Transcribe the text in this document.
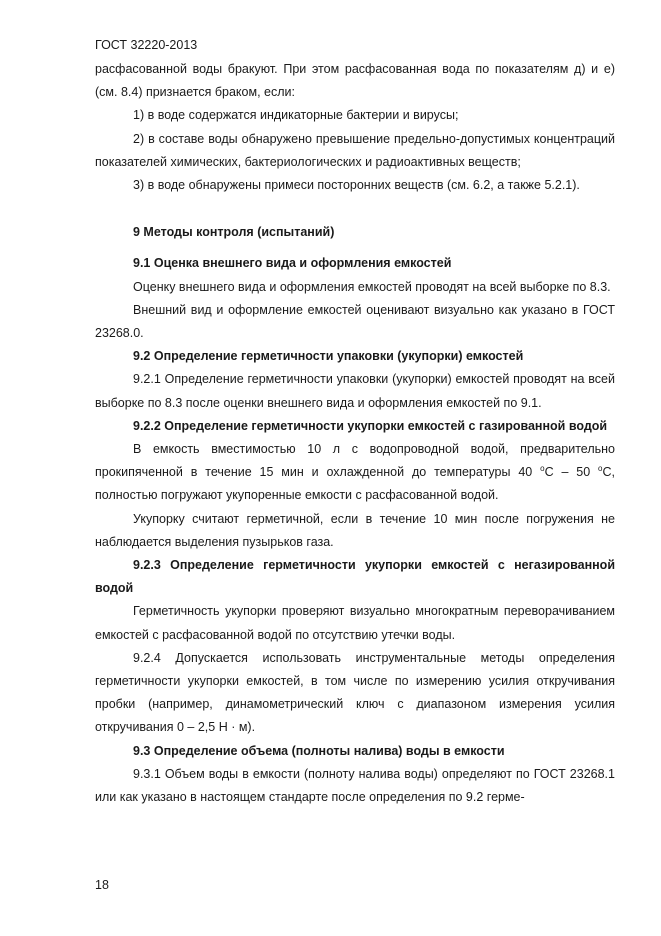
ГОСТ 32220-2013

расфасованной воды бракуют. При этом расфасованная вода по показателям д) и е) (см. 8.4) признается браком, если:

1) в воде содержатся индикаторные бактерии и вирусы;

2) в составе воды обнаружено превышение предельно-допустимых концентраций показателей химических, бактериологических и радиоактивных веществ;

3) в воде обнаружены примеси посторонних веществ (см. 6.2, а также 5.2.1).

9 Методы контроля (испытаний)

9.1 Оценка внешнего вида и оформления емкостей

Оценку внешнего вида и оформления емкостей проводят на всей выборке по 8.3.

Внешний вид и оформление емкостей оценивают визуально как указано в ГОСТ 23268.0.

9.2 Определение герметичности упаковки (укупорки) емкостей

9.2.1 Определение герметичности упаковки (укупорки) емкостей проводят на всей выборке по 8.3 после оценки внешнего вида и оформления емкостей по 9.1.

9.2.2 Определение герметичности укупорки емкостей с газированной водой

В емкость вместимостью 10 л с водопроводной водой, предварительно прокипяченной в течение 15 мин и охлажденной до температуры 40 $^о$С – 50 $^о$С, полностью погружают укупоренные емкости с расфасованной водой.

Укупорку считают герметичной, если в течение 10 мин после погружения не наблюдается выделения пузырьков газа.

9.2.3 Определение герметичности укупорки емкостей с негазированной водой

Герметичность укупорки проверяют визуально многократным переворачиванием емкостей с расфасованной водой по отсутствию утечки воды.

9.2.4 Допускается использовать инструментальные методы определения герметичности укупорки емкостей, в том числе по измерению усилия откручивания пробки (например, динамометрический ключ с диапазоном измерения усилия откручивания 0 – 2,5 Н · м).

9.3 Определение объема (полноты налива) воды в емкости

9.3.1 Объем воды в емкости (полноту налива воды) определяют по ГОСТ 23268.1 или как указано в настоящем стандарте после определения по 9.2 герме-

18
